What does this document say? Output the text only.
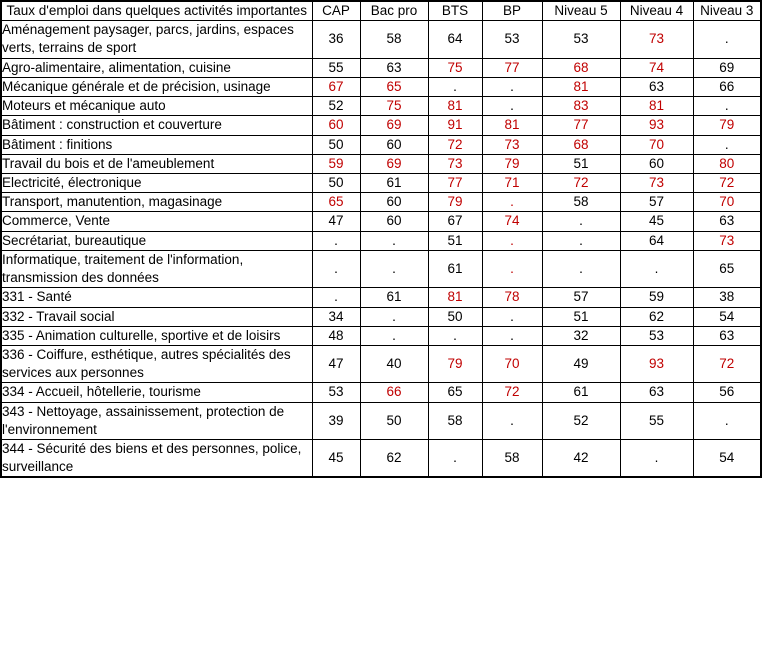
Taux d'emploi dans quelques activités importantes	CAP	Bac pro	BTS	BP	Niveau 5	Niveau 4	Niveau 3
Aménagement paysager, parcs, jardins, espaces verts, terrains de sport	36	58	64	53	53	73	.
Agro-alimentaire, alimentation, cuisine	55	63	75	77	68	74	69
Mécanique générale et de précision, usinage	67	65	.	.	81	63	66
Moteurs et mécanique auto	52	75	81	.	83	81	.
Bâtiment : construction et couverture	60	69	91	81	77	93	79
Bâtiment : finitions	50	60	72	73	68	70	.
Travail du bois et de l'ameublement	59	69	73	79	51	60	80
Electricité, électronique	50	61	77	71	72	73	72
Transport, manutention, magasinage	65	60	79	.	58	57	70
Commerce, Vente	47	60	67	74	.	45	63
Secrétariat, bureautique	.	.	51	.	.	64	73
Informatique, traitement de l'information, transmission des données	.	.	61	.	.	.	65
331 - Santé	.	61	81	78	57	59	38
332 - Travail social	34	.	50	.	51	62	54
335 - Animation culturelle, sportive et de loisirs	48	.	.	.	32	53	63
336 - Coiffure, esthétique, autres spécialités des services aux personnes	47	40	79	70	49	93	72
334 - Accueil, hôtellerie, tourisme	53	66	65	72	61	63	56
343 - Nettoyage, assainissement, protection de l'environnement	39	50	58	.	52	55	.
344 - Sécurité des biens et des personnes, police, surveillance	45	62	.	58	42	.	54
